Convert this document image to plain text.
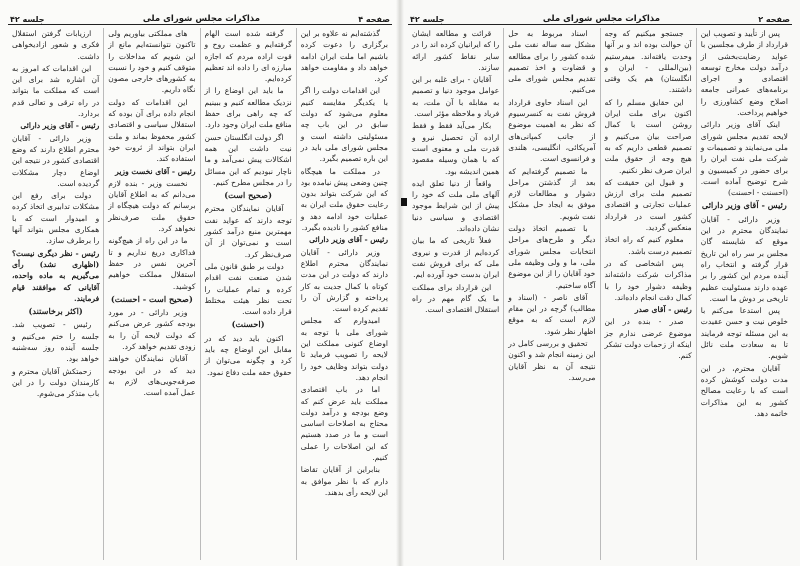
صفحه ۴
مذاکرات مجلس شورای ملی
جلسه ۴۲

گذشته‌ایم نه علاوه بر این برگزاری را دعوت کرده باشیم اما ملت ایران ادامه خواهد داد و مقاومت خواهد کرد.

این اقدامات دولت را اگر با یکدیگر مقایسه کنیم معلوم می‌شود که دولت سابق در این باب چه مسئولیتی داشته است و مجلس شورای ملی باید در این باره تصمیم بگیرد.

در مملکت ما هیچگاه چنین وضعی پیش نیامده بود که این شرکت بتواند بدون رعایت حقوق ملت ایران به عملیات خود ادامه دهد و منافع کشور را نادیده بگیرد.

رئیس - آقای وزیر دارائی

وزیر دارائی - آقایان نمایندگان محترم اطلاع دارند که دولت در این مدت کوتاه با کمال جدیت به کار پرداخته و گزارش آن را تقدیم کرده است.

امیدوارم که مجلس شورای ملی با توجه به اوضاع کنونی مملکت این لایحه را تصویب فرماید تا دولت بتواند وظایف خود را انجام دهد.

اما در باب اقتصادی مملکت باید عرض کنم که وضع بودجه و درآمد دولت محتاج به اصلاحات اساسی است و ما در صدد هستیم که این اصلاحات را عملی کنیم.

بنابراین از آقایان تقاضا دارم که با نظر موافق به این لایحه رأی بدهند.

گرفته شده است الهام گرفته‌ایم و عظمت روح و قوت اراده مردم که اجازه مبارزه ای را داده اند تعظیم کرده‌ایم.

ما باید این اوضاع را از نزدیک مطالعه کنیم و ببینیم که چه راهی برای حفظ منافع ملت ایران وجود دارد.

اگر دولت انگلستان حسن نیت داشت این همه اشکالات پیش نمی‌آمد و ما ناچار نبودیم که این مسائل را در مجلس مطرح کنیم.

(صحیح است)

آقایان نمایندگان محترم توجه دارند که عواید نفت مهمترین منبع درآمد کشور است و نمی‌توان از آن صرف‌نظر کرد.

دولت بر طبق قانون ملی شدن صنعت نفت اقدام کرده و تمام عملیات را تحت نظر هیئت مختلط قرار داده است.

(احسنت)

اکنون باید دید که در مقابل این اوضاع چه باید کرد و چگونه می‌توان از حقوق حقه ملت دفاع نمود.

های مملکتی بیاوریم ولی تاکنون نتوانسته‌ایم مانع از این شویم که مداخلات را متوقف کنیم و خود را نسبت به کشورهای خارجی مصون نگاه داریم.

این اقدامات که دولت انجام داده برای آن بوده که استقلال سیاسی و اقتصادی کشور محفوظ بماند و ملت ایران بتواند از ثروت خود استفاده کند.

رئیس - آقای نخست وزیر

نخست وزیر - بنده لازم می‌دانم که به اطلاع آقایان برسانم که دولت هیچگاه از حقوق ملت صرف‌نظر نخواهد کرد.

ما در این راه از هیچ‌گونه فداکاری دریغ نداریم و تا آخرین نفس در حفظ استقلال مملکت خواهیم کوشید.

(صحیح است - احسنت)

وزیر دارائی - در مورد بودجه کشور عرض می‌کنم که دولت لایحه آن را به زودی تقدیم خواهد کرد.

آقایان نمایندگان خواهند دید که در این بودجه صرفه‌جویی‌های لازم به عمل آمده است.

ارزیابات گرفتن استقلال فکری و شعور ازادیخواهی داشت.

این اقدامات که امروز به آن اشاره شد برای این است که مملکت ما بتواند در راه ترقی و تعالی قدم بردارد.

رئیس - آقای وزیر دارائی

وزیر دارائی - آقایان محترم اطلاع دارند که وضع اقتصادی کشور در نتیجه این اوضاع دچار مشکلات گردیده است.

دولت برای رفع این مشکلات تدابیری اتخاذ کرده و امیدوار است که با همکاری مجلس بتواند آنها را برطرف سازد.

رئیس - نظر دیگری نیست؟ (اظهاری نشد) رأی می‌گیریم به ماده واحده، آقایانی که موافقند قیام فرمایند.

(اکثر برخاستند)

رئیس - تصویب شد. جلسه را ختم می‌کنیم و جلسه آینده روز سه‌شنبه خواهد بود.

زحمتکش آقایان محترم و کارمندان دولت را در این باب متذکر می‌شوم.

صفحه ۲
مذاکرات مجلس شورای ملی
جلسه ۴۲

پس از تأیید و تصویب این قرارداد از طرف مجلسین با عواید رضایت‌بخشی از درآمد دولت مخارج توسعه اقتصادی و اجرای برنامه‌های عمرانی جامعه اصلاح وضع کشاورزی را خواهیم پرداخت.

اینک آقای وزیر دارائی لایحه تقدیم مجلس شورای ملی می‌نمایند و تصمیمات و شرکت ملی نفت ایران را برای حضور در کمیسیون و شرح توضیح آماده است. (احسنت - احسنت)

رئیس - آقای وزیر دارائی

وزیر دارائی - آقایان نمایندگان محترم در این موقع که شایسته گان مجلس بر سر راه این تاریخ قرار گرفته و انتخاب راه آینده مردم این کشور را بر عهده دارند مسئولیت عظیم تاریخی بر دوش ما است.

پس استدعا می‌کنم با خلوص نیت و حسن عقیدت به این مسئله توجه فرمایند تا به سعادت ملت نائل شویم.

آقایان محترم، در این مدت دولت کوشش کرده است که با رعایت مصالح کشور به این مذاکرات خاتمه دهد.

جستجو میکنیم که وجه آن حوالت بوده اند و بر آنها وحدت یافته‌اند. میفرستیم (بین‌المللی - ایران و انگلستان) هم یک وقتی داشتند.

این حقایق مسلم را که اکنون برای ملت ایران روشن است با کمال صراحت بیان می‌کنیم و تصمیم قطعی داریم که به هیچ وجه از حقوق ملت ایران صرف نظر نکنیم.

و قبول این حقیقت که تصمیم ملت برای ارزش عملیات تجارتی و اقتصادی کشور است در قرارداد منعکس گردید.

معلوم کنیم که راه اتخاذ تصمیم درست باشد.

پس اشخاصی که در مذاکرات شرکت داشته‌اند وظیفه دشوار خود را با کمال دقت انجام داده‌اند.

رئیس - آقای صدر

صدر - بنده در این موضوع عرضی ندارم جز اینکه از زحمات دولت تشکر کنم.

اسناد مربوط به حل مشکل سه ساله نفت ملی شده کشور را برای مطالعه و قضاوت و اخذ تصمیم تقدیم مجلس شورای ملی می‌کنیم.

این اسناد حاوی قرارداد فروش نفت به کنسرسیوم که نظر به اهمیت موضوع از جانب کمپانی‌های آمریکائی، انگلیسی، هلندی و فرانسوی است.

ما تصمیم گرفته‌ایم که بعد از گذشتن مراحل دشوار و مطالعات لازم موفق به ایجاد حل مشکل نفت شویم.

با تصمیم اتخاذ دولت دیگر و طرح‌های مراحل انتخابات مجلس شورای ملی، ما و ولی وظیفه ملی خود آقایان را از این موضوع آگاه ساختیم.

آقای ناصر - (اسناد و مطالب) گرچه در این مقام لازم است که به موقع اظهار نظر شود.

تحقیق و بررسی کامل در این زمینه انجام شد و اکنون نتیجه آن به نظر آقایان می‌رسد.

قرائت و مطالعه ایشان را که ایرانیان کرده اند را در سایر نقاط کشور ارائه سازند.

آقایان - برای غلبه بر این عوامل موجود دنیا و تصمیم به مقابله با آن ملت، به فریاد و ملاحظه مؤثر است.

بکار می‌آید فقط و فقط اراده آن تحصیل نیرو و قدرت ملی و معنوی است که با همان وسیله مقصود همین اندیشه بود.

واقعاً از دنیا تعلق ایده آلهای ملی ملت که خود را پیش از این شرایط موجود اقتصادی و سیاسی دنیا نشان داده‌اند.

فعلاً تاریخی که ما بیان کرده‌ایم از قدرت و نیروی ملی که برای فروش نفت ایران بدست خود آورده ایم.

این قرارداد برای مملکت ما یک گام مهم در راه استقلال اقتصادی است.
